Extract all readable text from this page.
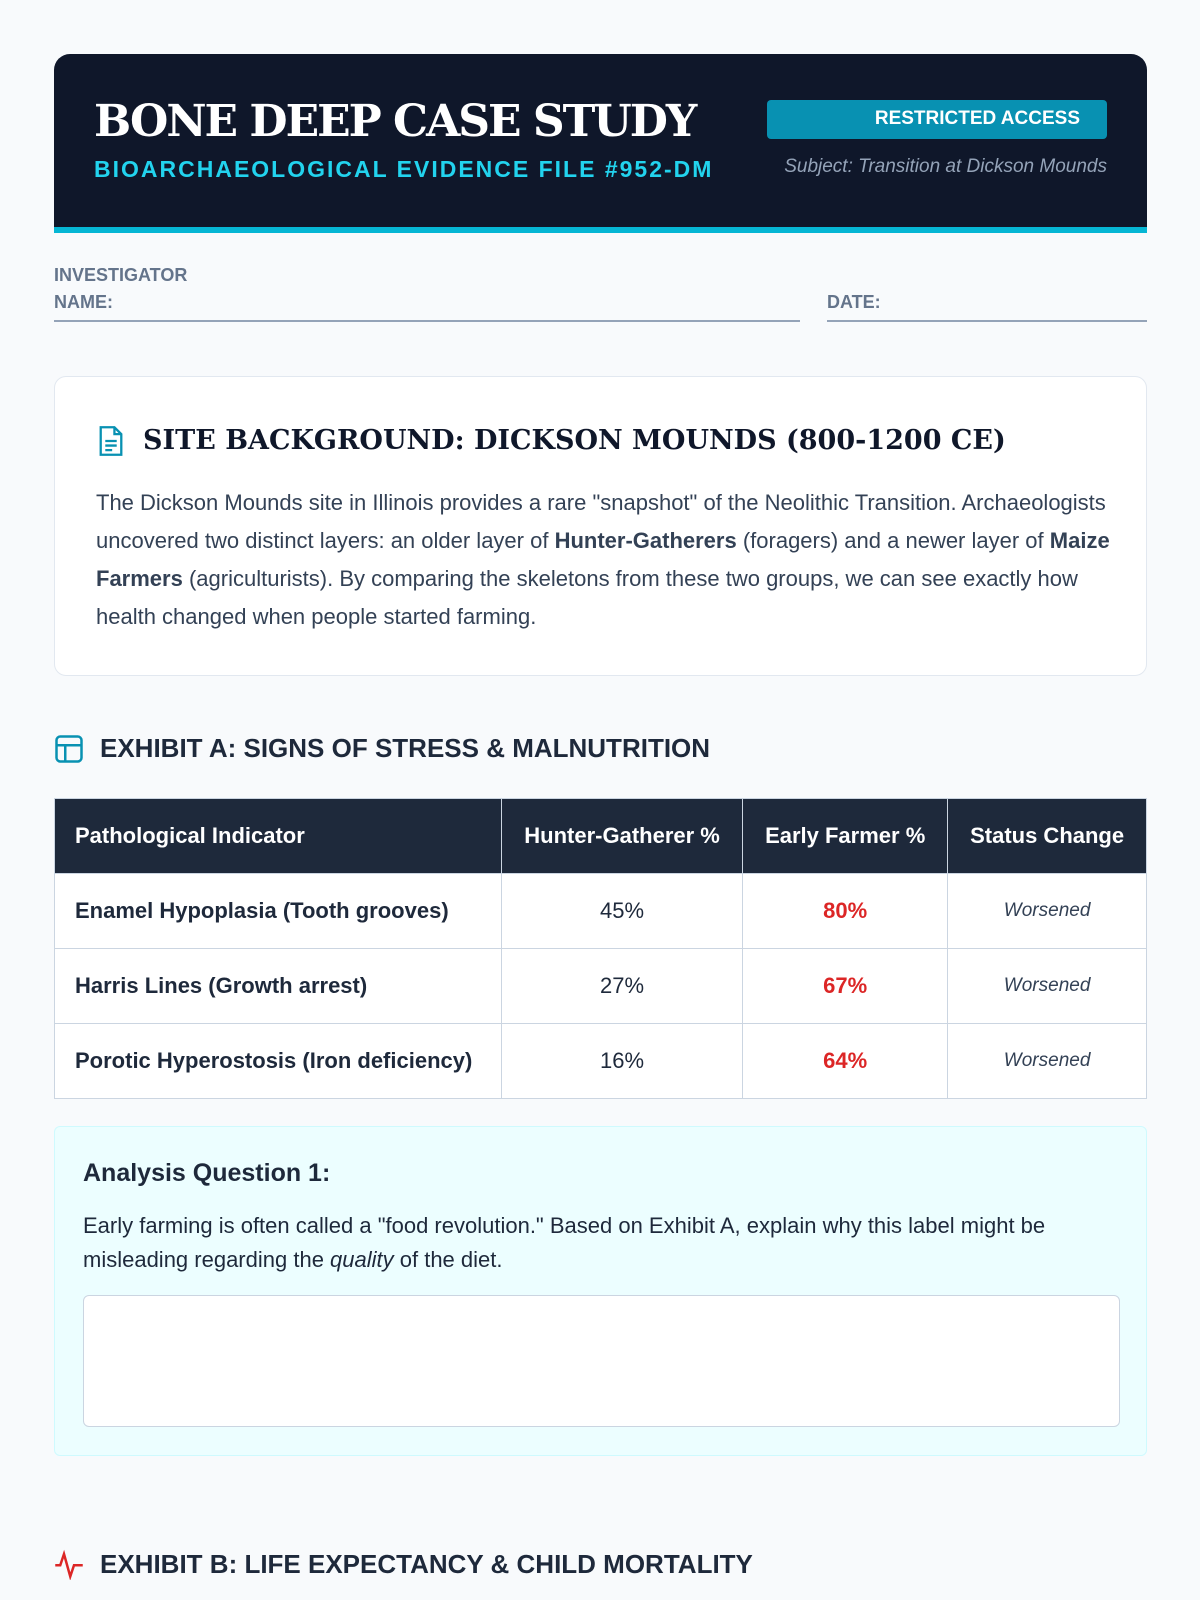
BONE DEEP CASE STUDY
BIOARCHAEOLOGICAL EVIDENCE FILE #952-DM
RESTRICTED ACCESS
Subject: Transition at Dickson Mounds
INVESTIGATOR
NAME:	DATE:
SITE BACKGROUND: DICKSON MOUNDS (800-1200 CE)

The Dickson Mounds site in Illinois provides a rare "snapshot" of the Neolithic Transition. Archaeologists uncovered two distinct layers: an older layer of Hunter-Gatherers (foragers) and a newer layer of Maize Farmers (agriculturists). By comparing the skeletons from these two groups, we can see exactly how health changed when people started farming.

EXHIBIT A: SIGNS OF STRESS & MALNUTRITION
Pathological Indicator	Hunter-Gatherer %	Early Farmer %	Status Change
Enamel Hypoplasia (Tooth grooves)	45%	80%	Worsened
Harris Lines (Growth arrest)	27%	67%	Worsened
Porotic Hyperostosis (Iron deficiency)	16%	64%	Worsened
Analysis Question 1:

Early farming is often called a "food revolution." Based on Exhibit A, explain why this label might be misleading regarding the quality of the diet.

EXHIBIT B: LIFE EXPECTANCY & CHILD MORTALITY
